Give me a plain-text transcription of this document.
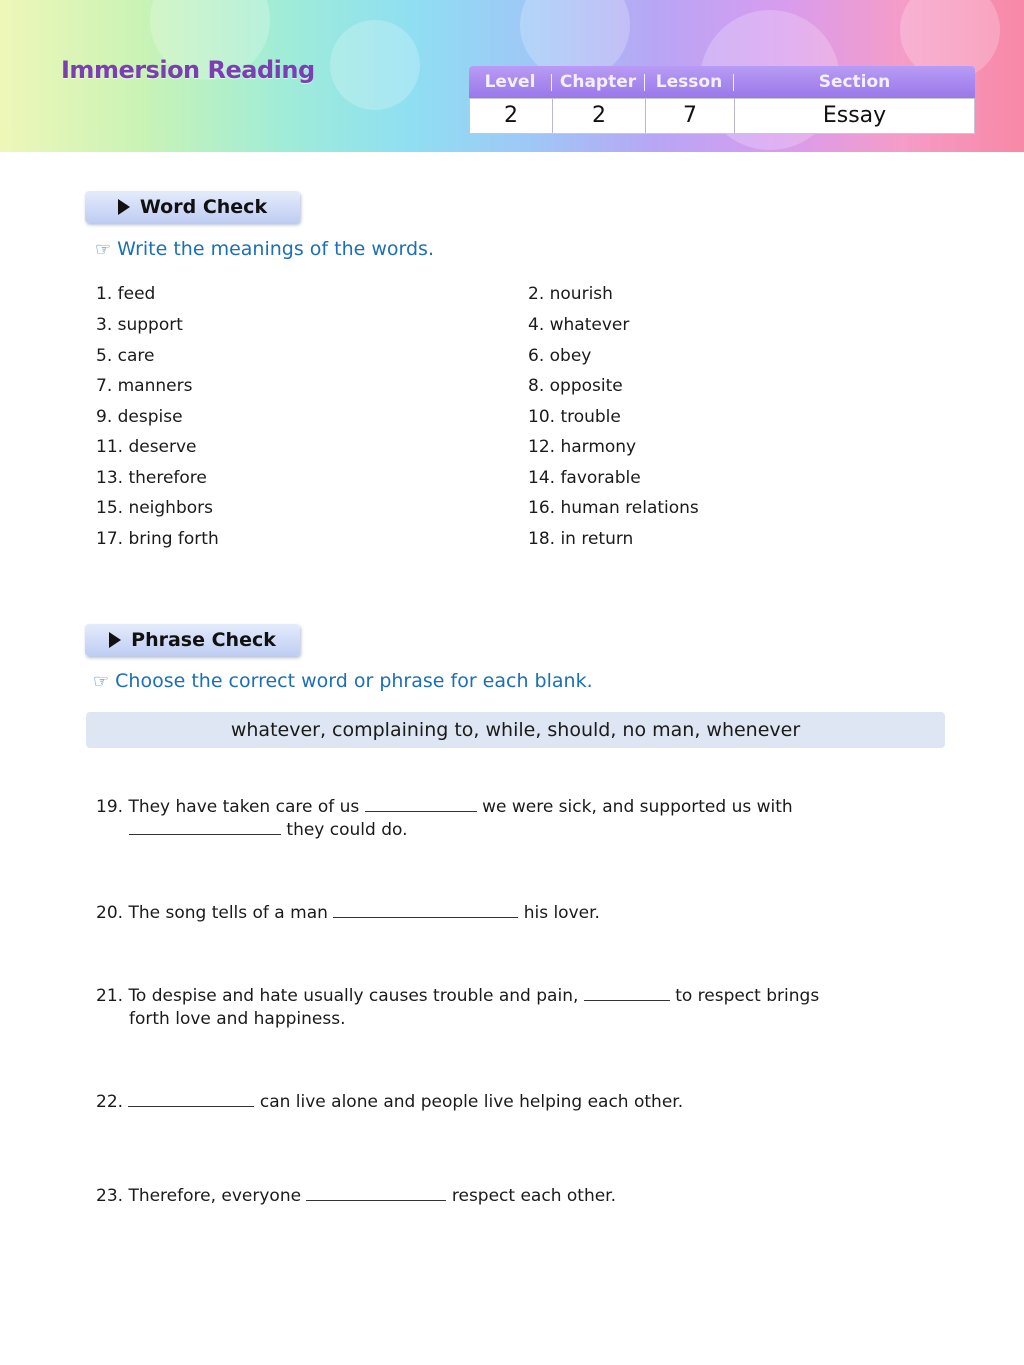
Immersion Reading	Level	Chapter	Lesson	Section
2	2	7	Essay
Word Check
☞ Write the meanings of the words.
1. feed	2. nourish
3. support	4. whatever
5. care	6. obey
7. manners	8. opposite
9. despise	10. trouble
11. deserve	12. harmony
13. therefore	14. favorable
15. neighbors	16. human relations
17. bring forth	18. in return
Phrase Check
☞ Choose the correct word or phrase for each blank.
whatever, complaining to, while, should, no man, whenever
19. They have taken care of us	we were sick, and supported us with
they could do.
20. The song tells of a man	his lover.
21. To despise and hate usually causes trouble and pain,	to respect brings
forth love and happiness.
22.	can live alone and people live helping each other.
23. Therefore, everyone	respect each other.
